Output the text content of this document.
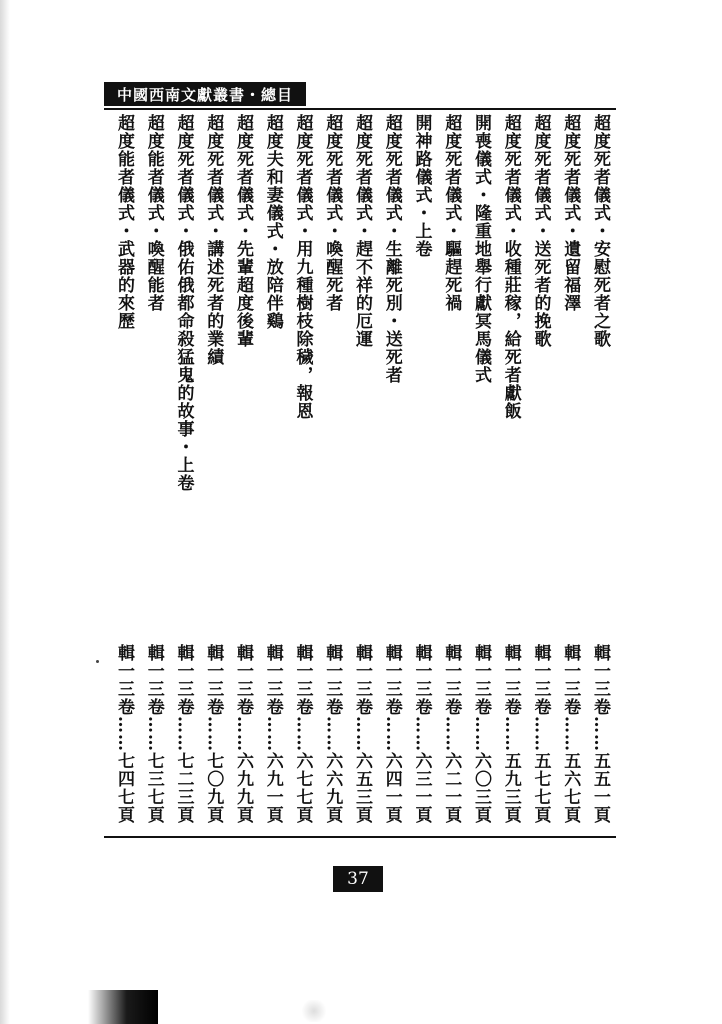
中國西南文獻叢書・總目
超度死者儀式・安慰死者之歌
輯一三卷……五五一頁
超度死者儀式・遺留福澤
輯一三卷……五六七頁
超度死者儀式・送死者的挽歌
輯一三卷……五七七頁
超度死者儀式・收種莊稼，給死者獻飯
輯一三卷……五九三頁
開喪儀式・隆重地舉行獻冥馬儀式
輯一三卷……六〇三頁
超度死者儀式・驅趕死禍
輯一三卷……六二一頁
開神路儀式・上卷
輯一三卷……六三一頁
超度死者儀式・生離死別・送死者
輯一三卷……六四一頁
超度死者儀式・趕不祥的厄運
輯一三卷……六五三頁
超度死者儀式・喚醒死者
輯一三卷……六六九頁
超度死者儀式・用九種樹枝除穢，報恩
輯一三卷……六七七頁
超度夫和妻儀式・放陪伴鷄
輯一三卷……六九一頁
超度死者儀式・先輩超度後輩
輯一三卷……六九九頁
超度死者儀式・講述死者的業績
輯一三卷……七〇九頁
超度死者儀式・俄佑俄都命殺猛鬼的故事・上卷
輯一三卷……七二三頁
超度能者儀式・喚醒能者
輯一三卷……七三七頁
超度能者儀式・武器的來歷
輯一三卷……七四七頁
37
